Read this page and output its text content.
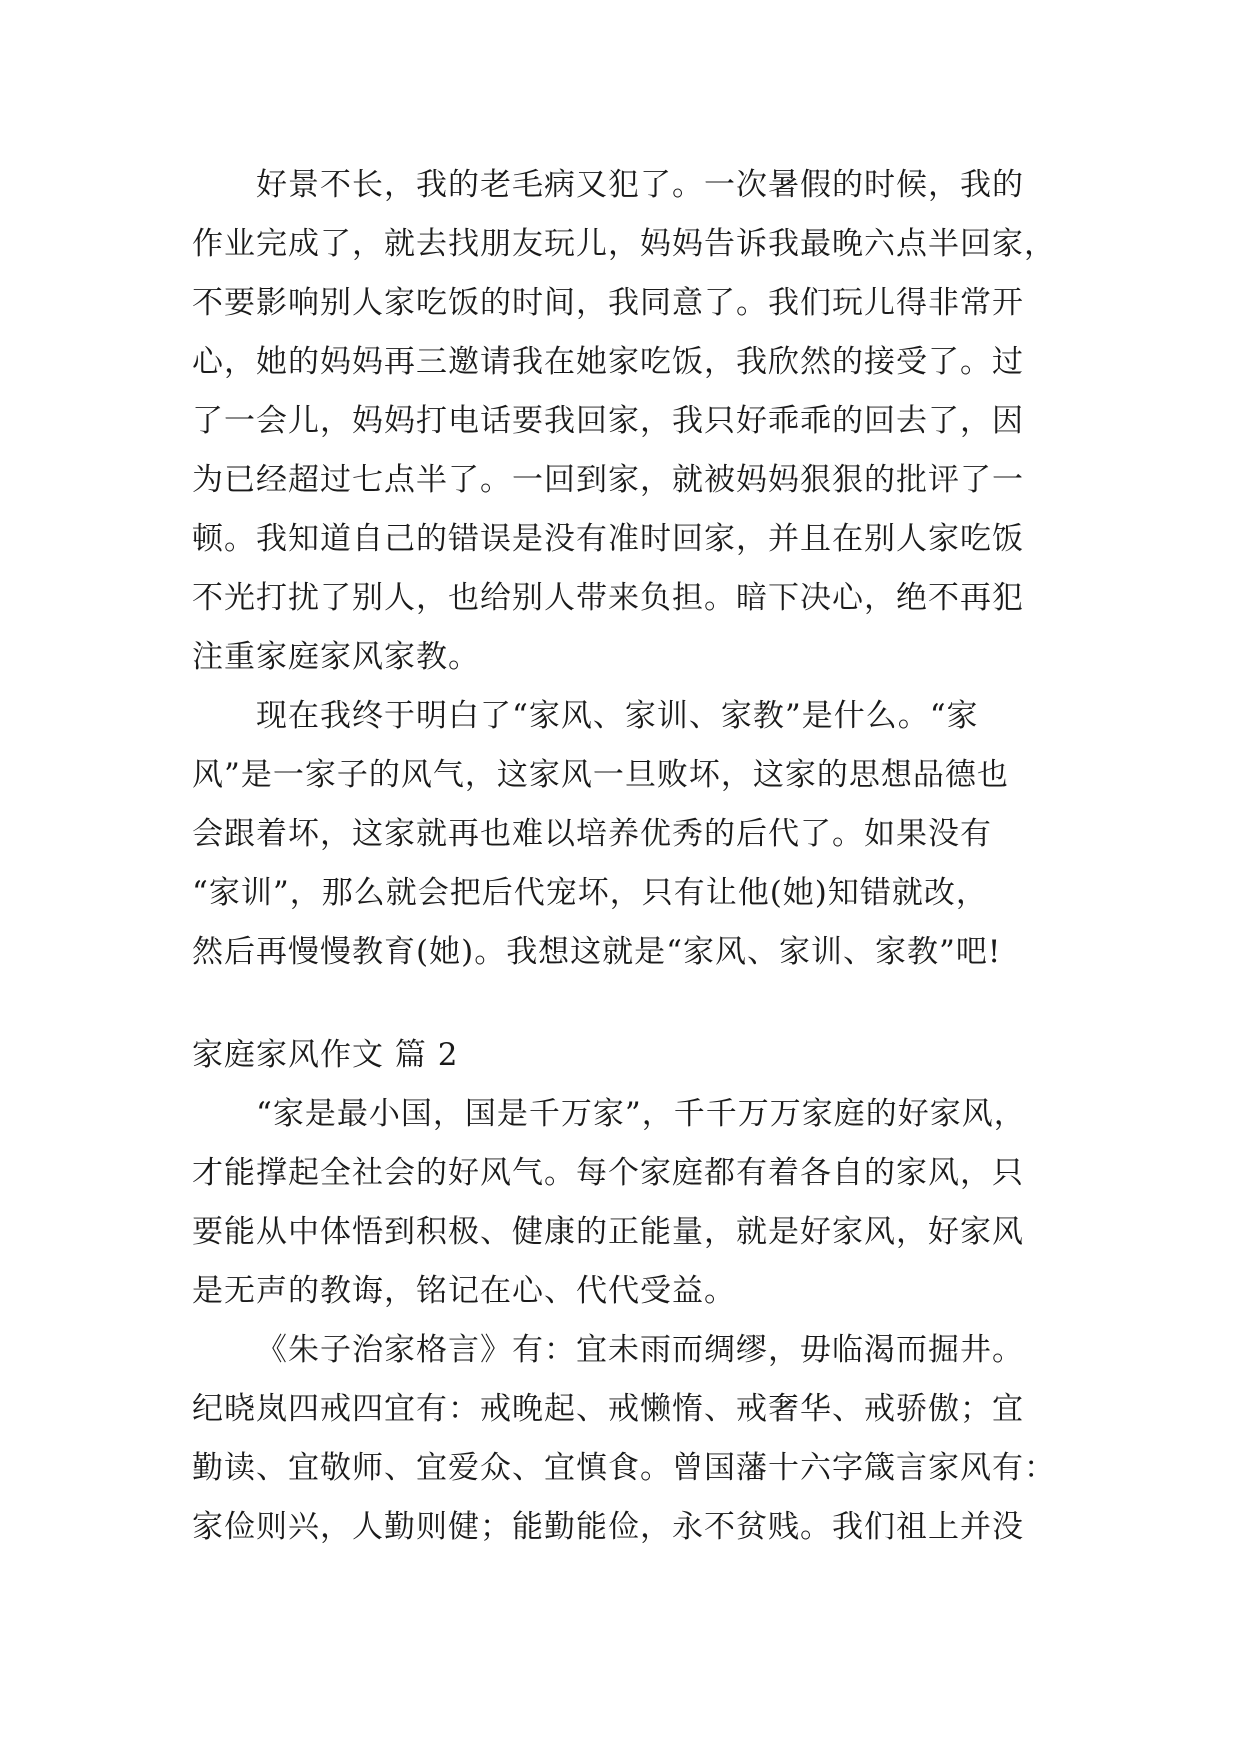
好景不长，我的老毛病又犯了。一次暑假的时候，我的
作业完成了，就去找朋友玩儿，妈妈告诉我最晚六点半回家，
不要影响别人家吃饭的时间，我同意了。我们玩儿得非常开
心，她的妈妈再三邀请我在她家吃饭，我欣然的接受了。过
了一会儿，妈妈打电话要我回家，我只好乖乖的回去了，因
为已经超过七点半了。一回到家，就被妈妈狠狠的批评了一
顿。我知道自己的错误是没有准时回家，并且在别人家吃饭
不光打扰了别人，也给别人带来负担。暗下决心，绝不再犯
注重家庭家风家教。
现在我终于明白了“家风、家训、家教”是什么。“家
风”是一家子的风气，这家风一旦败坏，这家的思想品德也
会跟着坏，这家就再也难以培养优秀的后代了。如果没有
“家训”，那么就会把后代宠坏，只有让他(她)知错就改，
然后再慢慢教育(她)。我想这就是“家风、家训、家教”吧!
家庭家风作文 篇 2
“家是最小国，国是千万家”，千千万万家庭的好家风，
才能撑起全社会的好风气。每个家庭都有着各自的家风，只
要能从中体悟到积极、健康的正能量，就是好家风，好家风
是无声的教诲，铭记在心、代代受益。
《朱子治家格言》有：宜未雨而绸缪，毋临渴而掘井。
纪晓岚四戒四宜有：戒晚起、戒懒惰、戒奢华、戒骄傲；宜
勤读、宜敬师、宜爱众、宜慎食。曾国藩十六字箴言家风有：
家俭则兴，人勤则健；能勤能俭，永不贫贱。我们祖上并没
